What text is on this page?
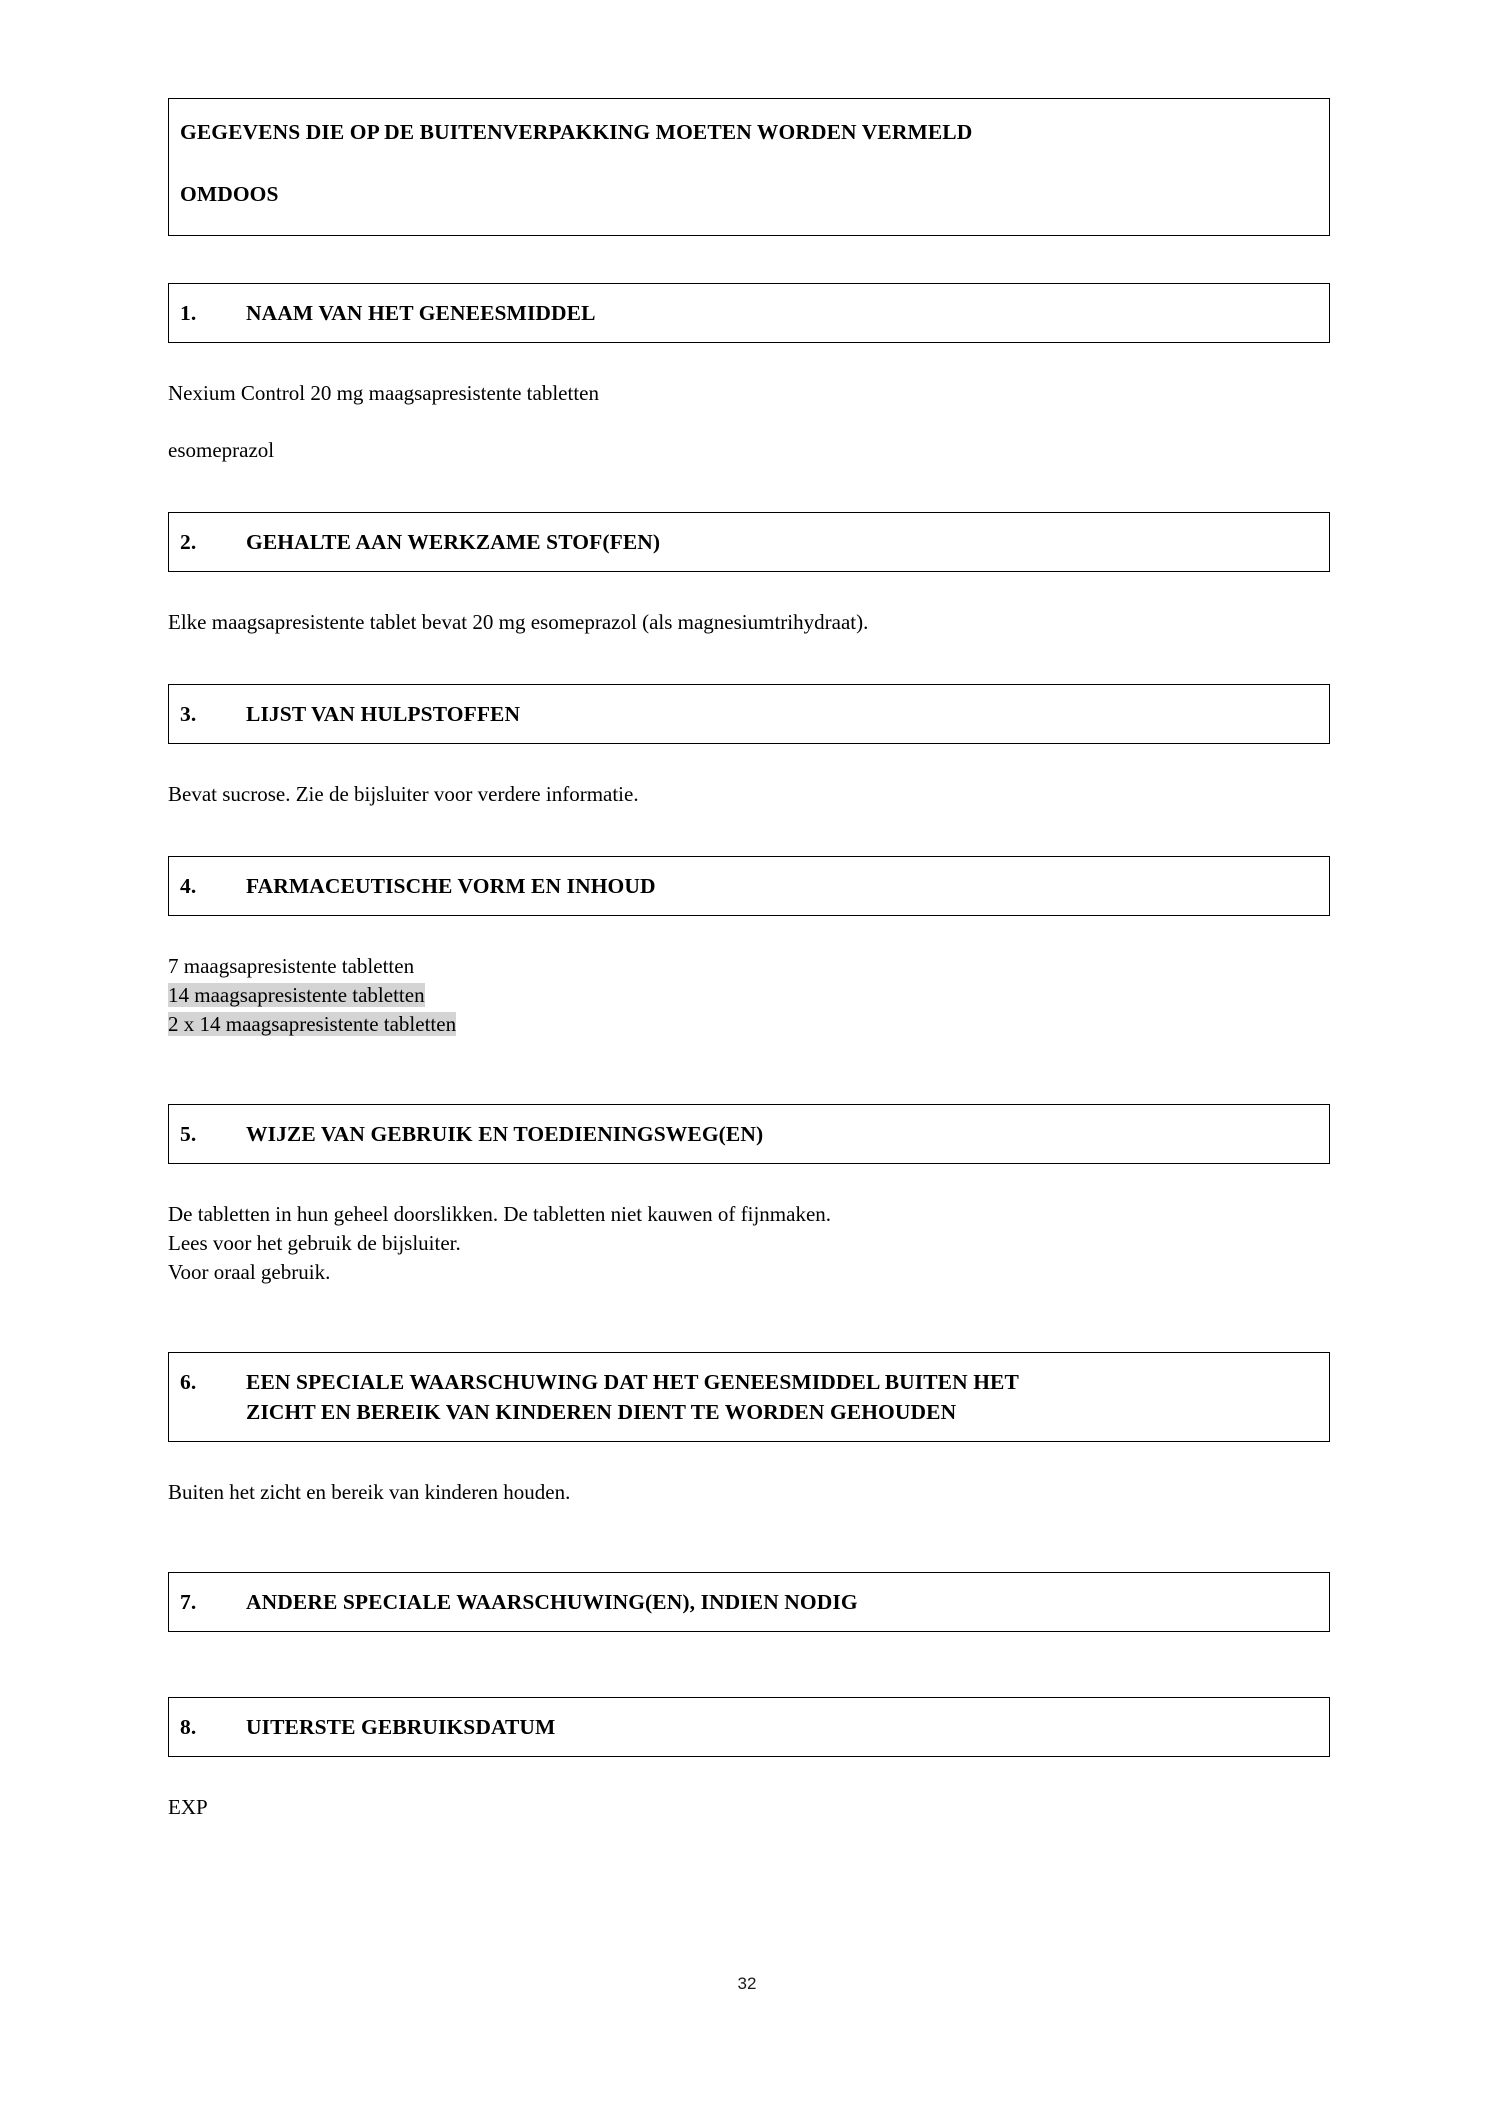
GEGEVENS DIE OP DE BUITENVERPAKKING MOETEN WORDEN VERMELD
OMDOOS
1. NAAM VAN HET GENEESMIDDEL
Nexium Control 20 mg maagsapresistente tabletten
esomeprazol
2. GEHALTE AAN WERKZAME STOF(FEN)
Elke maagsapresistente tablet bevat 20 mg esomeprazol (als magnesiumtrihydraat).
3. LIJST VAN HULPSTOFFEN
Bevat sucrose. Zie de bijsluiter voor verdere informatie.
4. FARMACEUTISCHE VORM EN INHOUD
7 maagsapresistente tabletten
14 maagsapresistente tabletten
2 x 14 maagsapresistente tabletten
5. WIJZE VAN GEBRUIK EN TOEDIENINGSWEG(EN)
De tabletten in hun geheel doorslikken. De tabletten niet kauwen of fijnmaken.
Lees voor het gebruik de bijsluiter.
Voor oraal gebruik.
6. EEN SPECIALE WAARSCHUWING DAT HET GENEESMIDDEL BUITEN HET
ZICHT EN BEREIK VAN KINDEREN DIENT TE WORDEN GEHOUDEN
Buiten het zicht en bereik van kinderen houden.
7. ANDERE SPECIALE WAARSCHUWING(EN), INDIEN NODIG
8. UITERSTE GEBRUIKSDATUM
EXP
32
